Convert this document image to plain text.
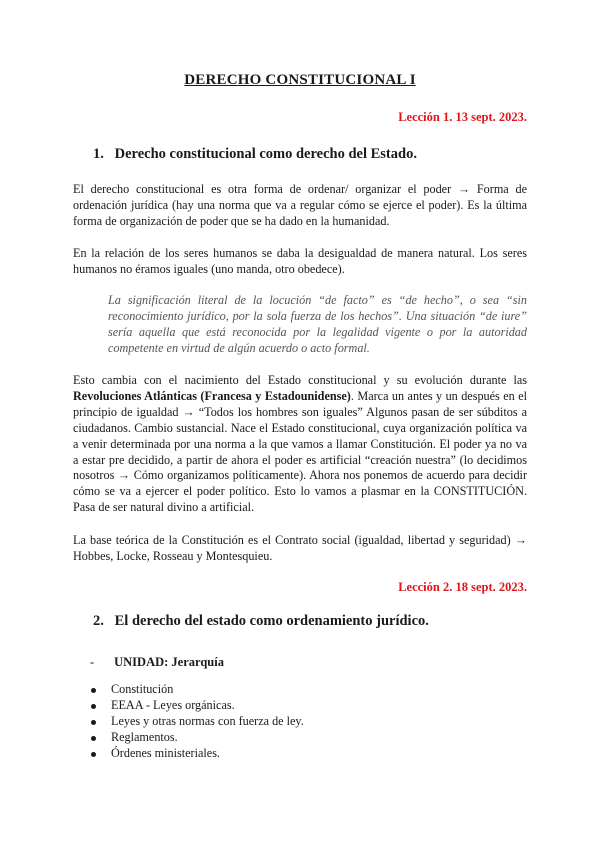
DERECHO CONSTITUCIONAL I
Lección 1. 13 sept. 2023.
1. Derecho constitucional como derecho del Estado.
El derecho constitucional es otra forma de ordenar/ organizar el poder → Forma de ordenación jurídica (hay una norma que va a regular cómo se ejerce el poder). Es la última forma de organización de poder que se ha dado en la humanidad.
En la relación de los seres humanos se daba la desigualdad de manera natural. Los seres humanos no éramos iguales (uno manda, otro obedece).
La significación literal de la locución “de facto” es “de hecho”, o sea “sin reconocimiento jurídico, por la sola fuerza de los hechos”. Una situación “de iure” sería aquella que está reconocida por la legalidad vigente o por la autoridad competente en virtud de algún acuerdo o acto formal.
Esto cambia con el nacimiento del Estado constitucional y su evolución durante las Revoluciones Atlánticas (Francesa y Estadounidense). Marca un antes y un después en el principio de igualdad → “Todos los hombres son iguales” Algunos pasan de ser súbditos a ciudadanos. Cambio sustancial. Nace el Estado constitucional, cuya organización política va a venir determinada por una norma a la que vamos a llamar Constitución. El poder ya no va a estar pre decidido, a partir de ahora el poder es artificial “creación nuestra” (lo decidimos nosotros → Cómo organizamos políticamente). Ahora nos ponemos de acuerdo para decidir cómo se va a ejercer el poder político. Esto lo vamos a plasmar en la CONSTITUCIÓN. Pasa de ser natural divino a artificial.
La base teórica de la Constitución es el Contrato social (igualdad, libertad y seguridad) → Hobbes, Locke, Rosseau y Montesquieu.
Lección 2. 18 sept. 2023.
2. El derecho del estado como ordenamiento jurídico.
- UNIDAD: Jerarquía
Constitución
EEAA - Leyes orgánicas.
Leyes y otras normas con fuerza de ley.
Reglamentos.
Órdenes ministeriales.
